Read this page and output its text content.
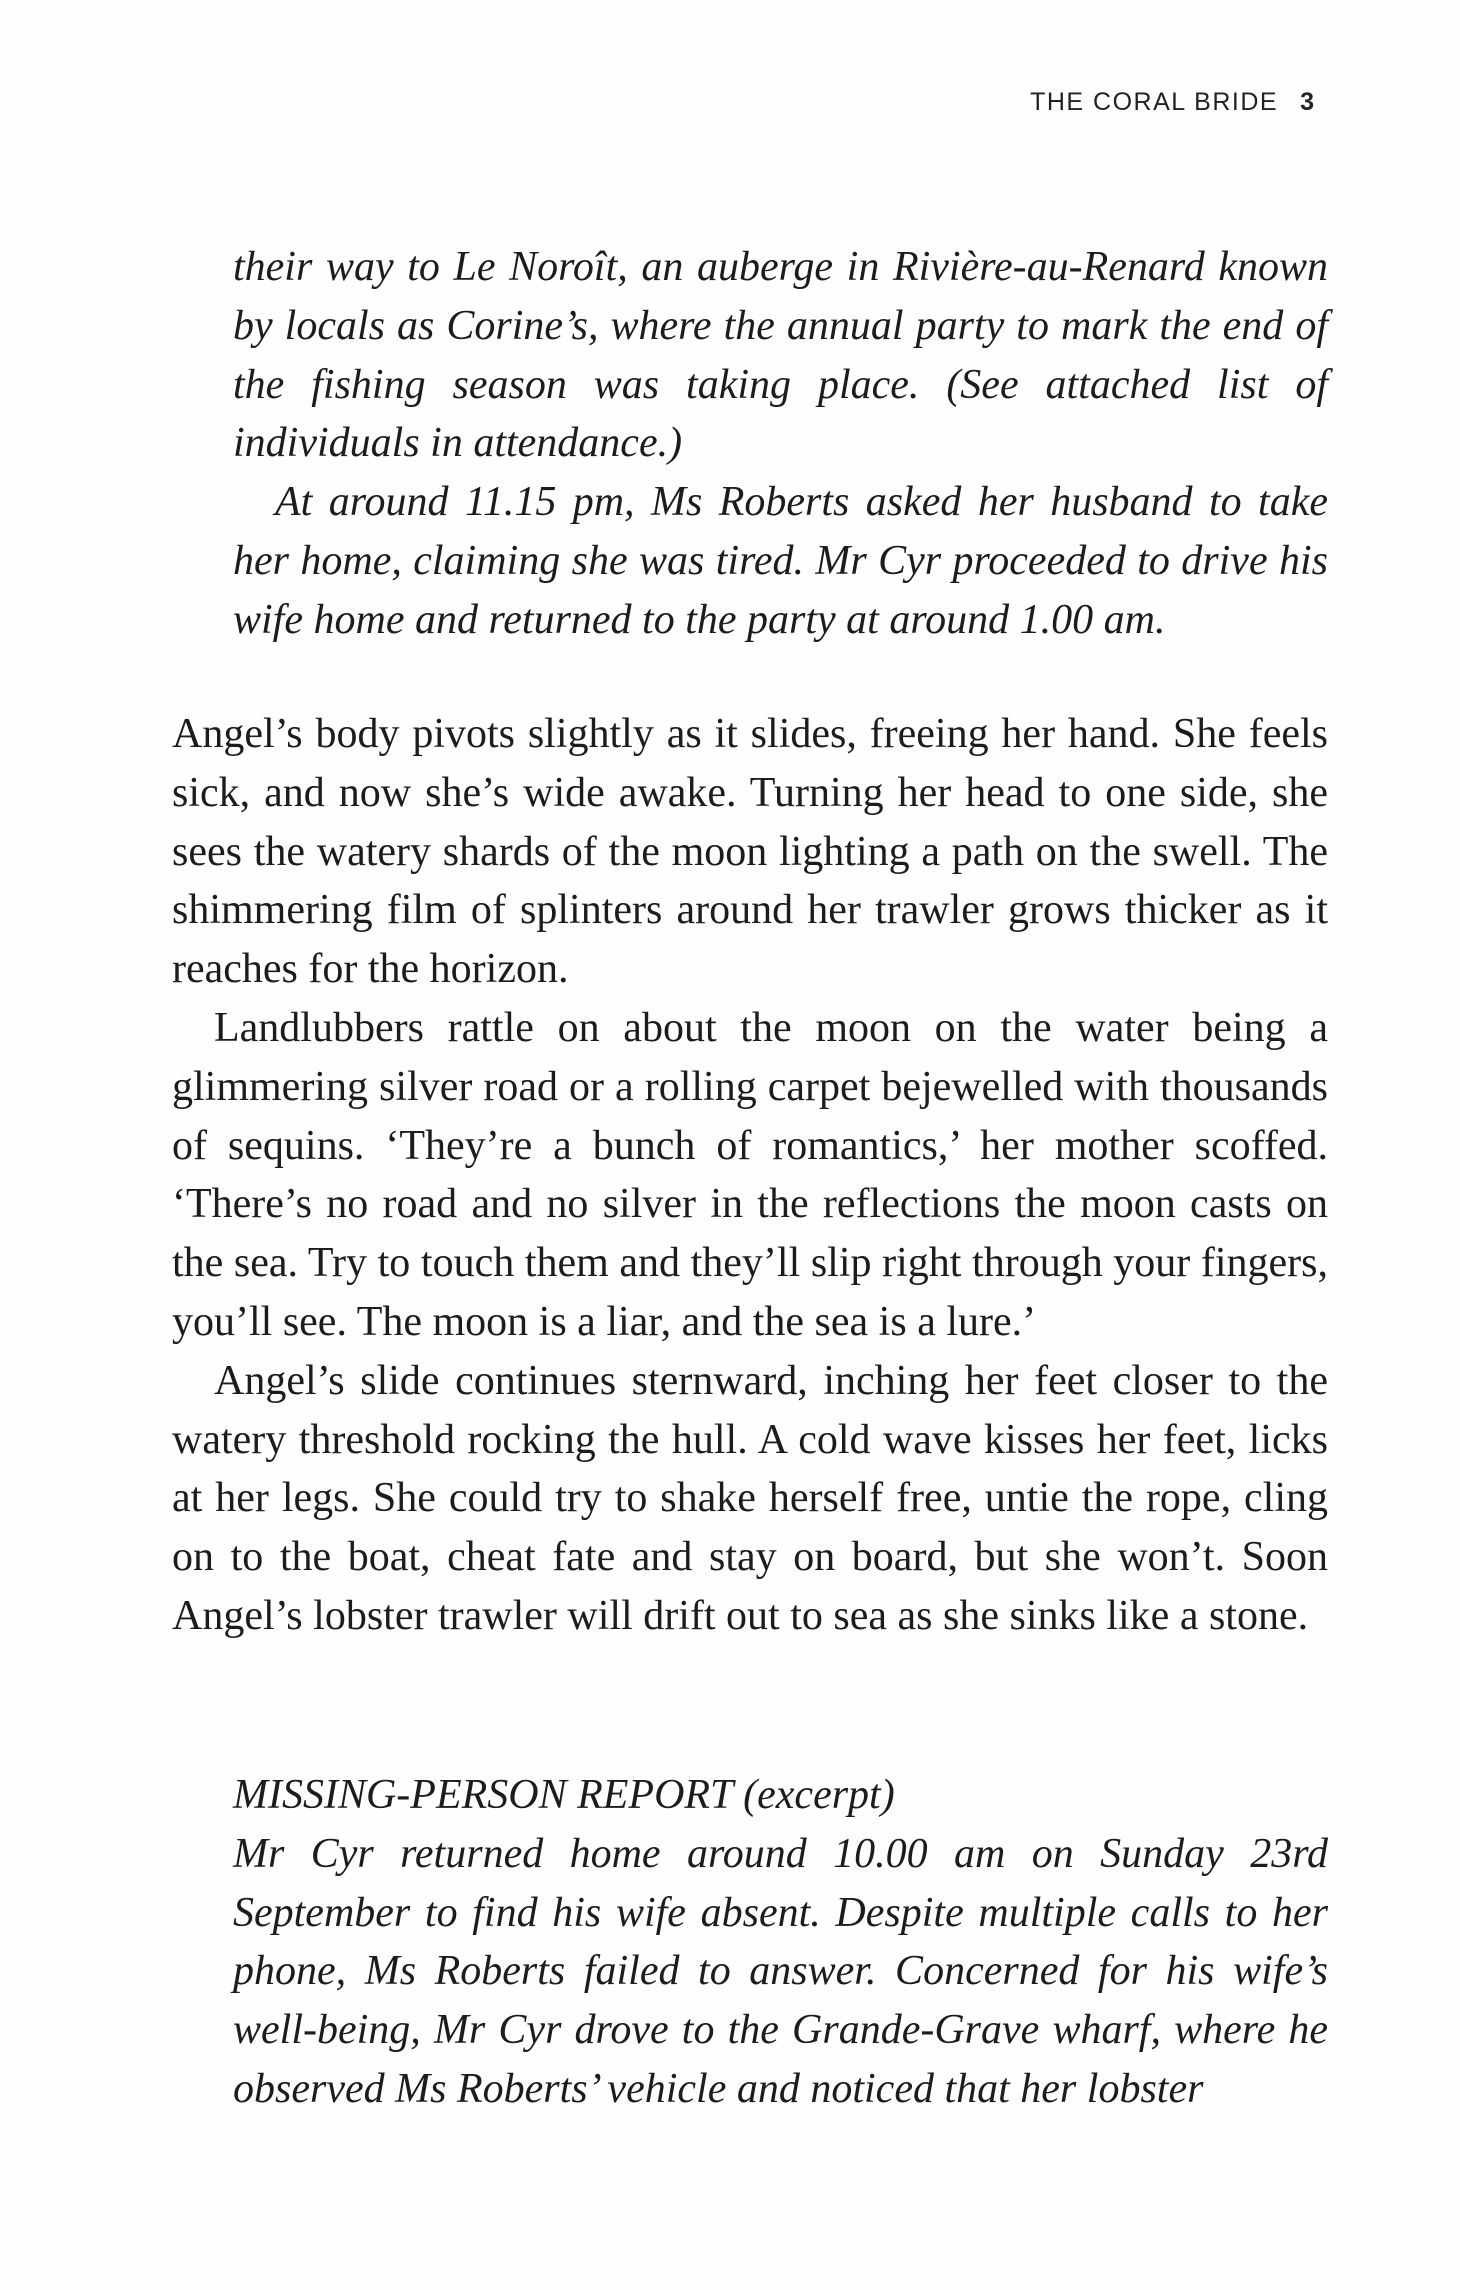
THE CORAL BRIDE 3

their way to Le Noroît, an auberge in Rivière-au-Renard known by locals as Corine’s, where the annual party to mark the end of the fishing season was taking place. (See attached list of individuals in attendance.)

At around 11.15 pm, Ms Roberts asked her husband to take her home, claiming she was tired. Mr Cyr proceeded to drive his wife home and returned to the party at around 1.00 am.

Angel’s body pivots slightly as it slides, freeing her hand. She feels sick, and now she’s wide awake. Turning her head to one side, she sees the watery shards of the moon lighting a path on the swell. The shimmering film of splinters around her trawler grows thicker as it reaches for the horizon.

Landlubbers rattle on about the moon on the water being a glimmering silver road or a rolling carpet bejewelled with thousands of sequins. ‘They’re a bunch of romantics,’ her mother scoffed. ‘There’s no road and no silver in the reflections the moon casts on the sea. Try to touch them and they’ll slip right through your fingers, you’ll see. The moon is a liar, and the sea is a lure.’

Angel’s slide continues sternward, inching her feet closer to the watery threshold rocking the hull. A cold wave kisses her feet, licks at her legs. She could try to shake herself free, untie the rope, cling on to the boat, cheat fate and stay on board, but she won’t. Soon Angel’s lobster trawler will drift out to sea as she sinks like a stone.

MISSING-PERSON REPORT (excerpt)

Mr Cyr returned home around 10.00 am on Sunday 23rd September to find his wife absent. Despite multiple calls to her phone, Ms Roberts failed to answer. Concerned for his wife’s well-being, Mr Cyr drove to the Grande-Grave wharf, where he observed Ms Roberts’ vehicle and noticed that her lobster
